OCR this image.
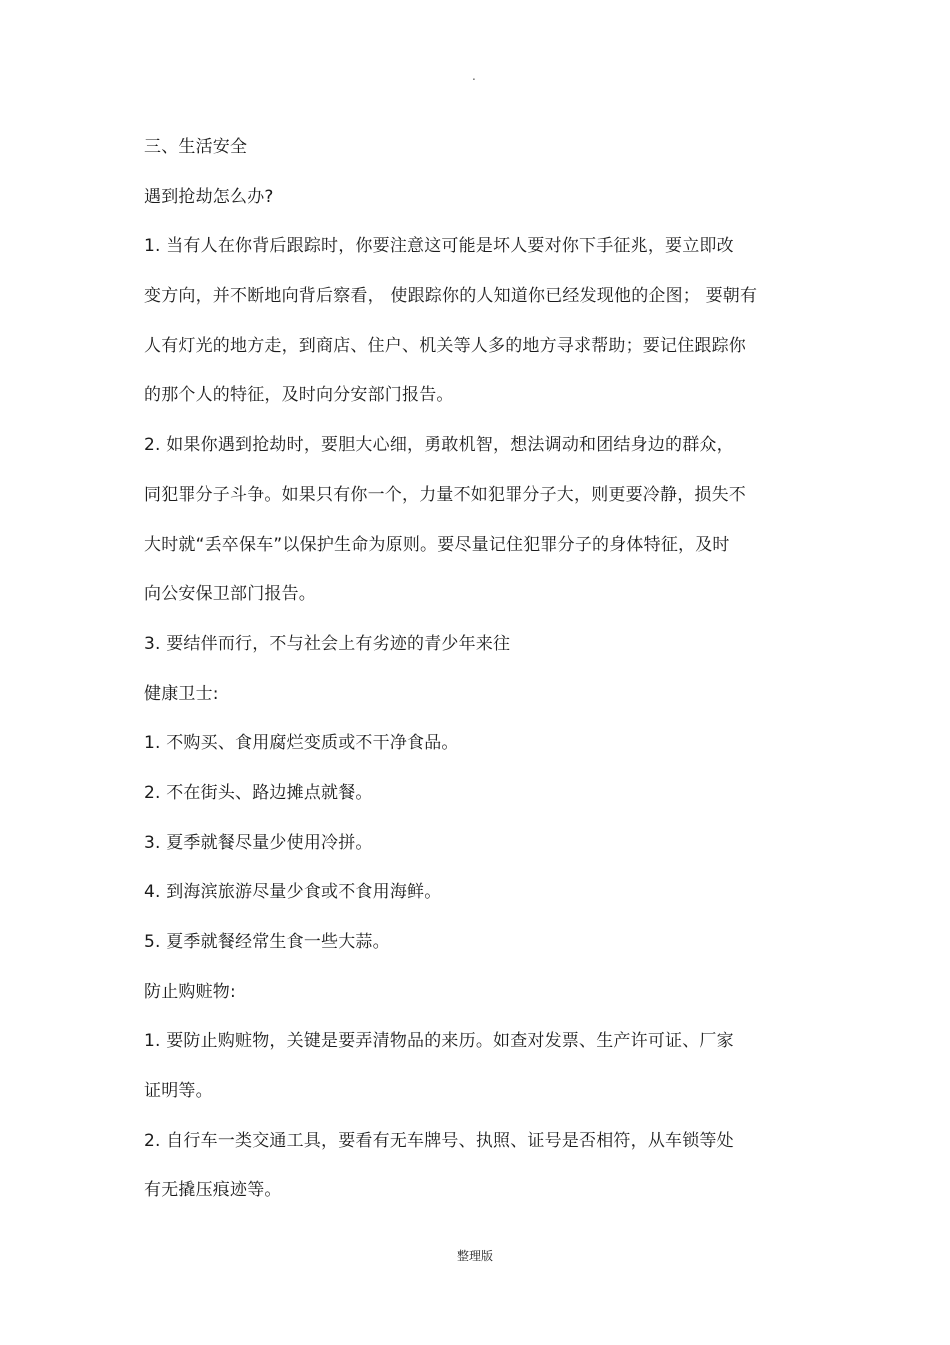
.
三、生活安全
遇到抢劫怎么办?
1. 当有人在你背后跟踪时，你要注意这可能是坏人要对你下手征兆，要立即改
变方向，并不断地向背后察看， 使跟踪你的人知道你已经发现他的企图； 要朝有
人有灯光的地方走，到商店、住户、机关等人多的地方寻求帮助；要记住跟踪你
的那个人的特征，及时向分安部门报告。
2. 如果你遇到抢劫时，要胆大心细，勇敢机智，想法调动和团结身边的群众，
同犯罪分子斗争。如果只有你一个，力量不如犯罪分子大，则更要冷静，损失不
大时就“丢卒保车”以保护生命为原则。要尽量记住犯罪分子的身体特征，及时
向公安保卫部门报告。
3. 要结伴而行，不与社会上有劣迹的青少年来往
健康卫士:
1. 不购买、食用腐烂变质或不干净食品。
2. 不在街头、路边摊点就餐。
3. 夏季就餐尽量少使用冷拼。
4. 到海滨旅游尽量少食或不食用海鲜。
5. 夏季就餐经常生食一些大蒜。
防止购赃物:
1. 要防止购赃物，关键是要弄清物品的来历。如查对发票、生产许可证、厂家
证明等。
2. 自行车一类交通工具，要看有无车牌号、执照、证号是否相符，从车锁等处
有无撬压痕迹等。
整理版
